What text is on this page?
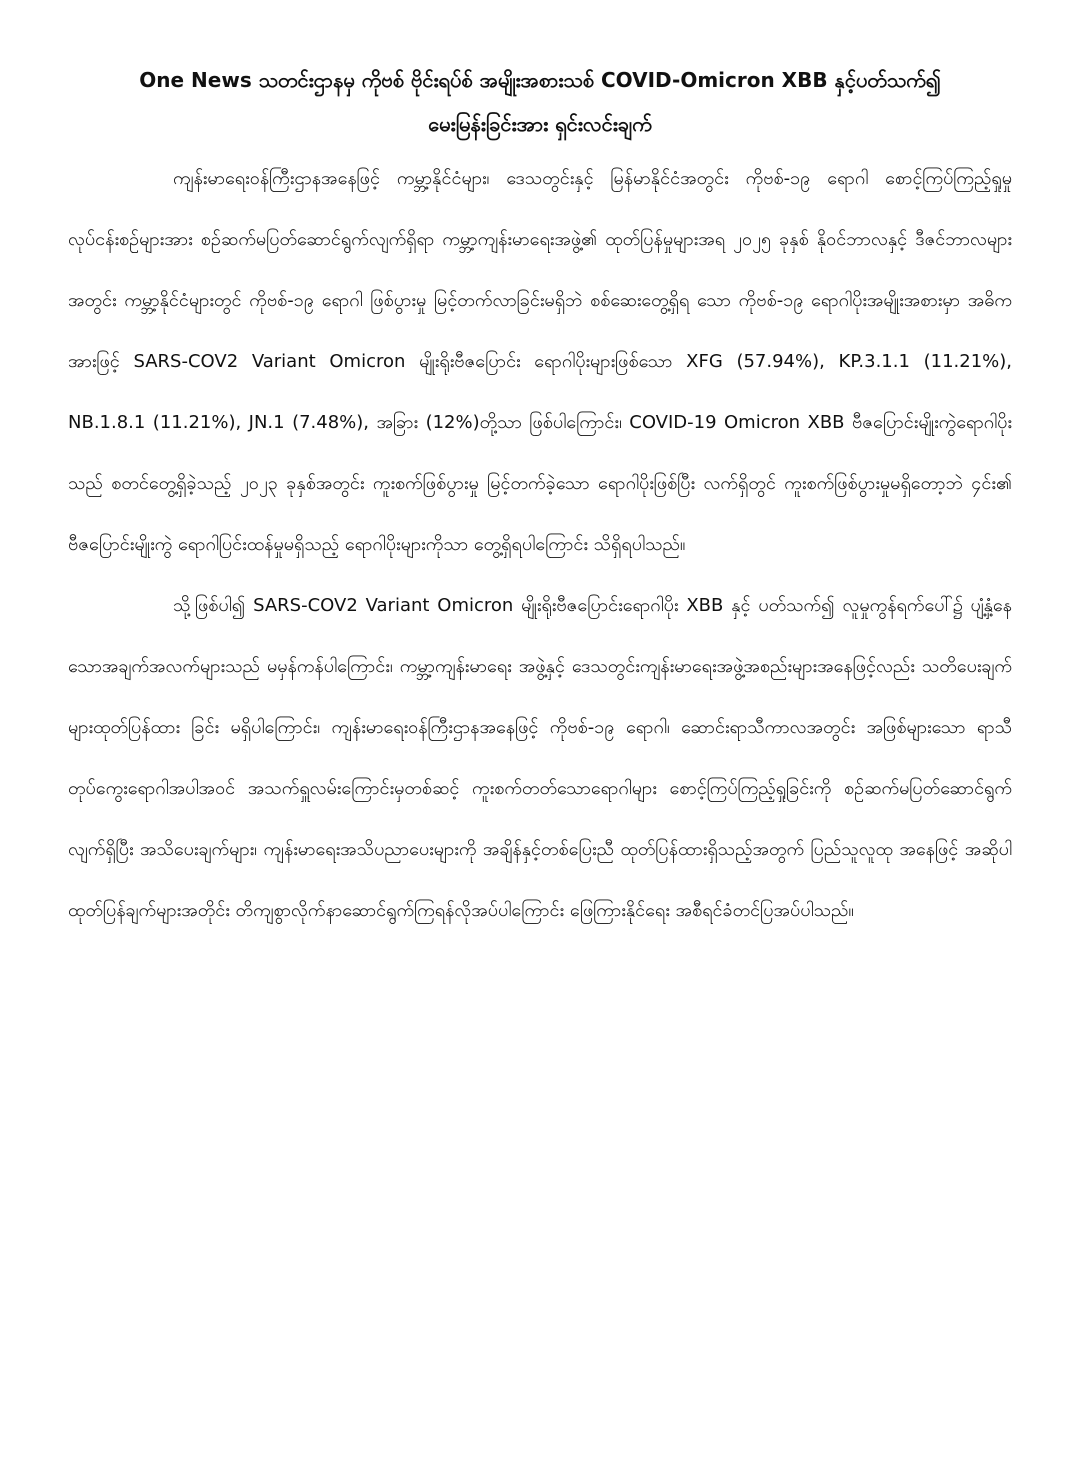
One News သတင်းဌာနမှ ကိုဗစ် ဗိုင်းရပ်စ် အမျိုးအစားသစ် COVID-Omicron XBB နှင့်ပတ်သက်၍
မေးမြန်းခြင်းအား ရှင်းလင်းချက်

ကျန်းမာရေးဝန်ကြီးဌာနအနေဖြင့် ကမ္ဘာ့နိုင်ငံများ၊ ဒေသတွင်းနှင့် မြန်မာနိုင်ငံအတွင်း ကိုဗစ်-၁၉ ရောဂါ စောင့်ကြပ်ကြည့်ရှုမှုလုပ်ငန်းစဉ်များအား စဉ်ဆက်မပြတ်ဆောင်ရွက်လျက်ရှိရာ ကမ္ဘာ့ကျန်းမာရေးအဖွဲ့၏ ထုတ်ပြန်မှုများအရ ၂၀၂၅ ခုနှစ် နိုဝင်ဘာလနှင့် ဒီဇင်ဘာလများအတွင်း ကမ္ဘာ့နိုင်ငံများတွင် ကိုဗစ်-၁၉ ရောဂါ ဖြစ်ပွားမှု မြင့်တက်လာခြင်းမရှိဘဲ စစ်ဆေးတွေ့ရှိရ သော ကိုဗစ်-၁၉ ရောဂါပိုးအမျိုးအစားမှာ အဓိကအားဖြင့် SARS-COV2 Variant Omicron မျိုးရိုးဗီဇပြောင်း ရောဂါပိုးများဖြစ်သော XFG (57.94%), KP.3.1.1 (11.21%), NB.1.8.1 (11.21%), JN.1 (7.48%), အခြား (12%)တို့သာ ဖြစ်ပါကြောင်း၊ COVID-19 Omicron XBB ဗီဇပြောင်းမျိုးကွဲရောဂါပိုးသည် စတင်တွေ့ရှိခဲ့သည့် ၂၀၂၃ ခုနှစ်အတွင်း ကူးစက်ဖြစ်ပွားမှု မြင့်တက်ခဲ့သော ရောဂါပိုးဖြစ်ပြီး လက်ရှိတွင် ကူးစက်ဖြစ်ပွားမှုမရှိတော့ဘဲ ၄င်း၏ ဗီဇပြောင်းမျိုးကွဲ ရောဂါပြင်းထန်မှုမရှိသည့် ရောဂါပိုးများကိုသာ တွေ့ရှိရပါကြောင်း သိရှိရပါသည်။

သို့ဖြစ်ပါ၍ SARS-COV2 Variant Omicron မျိုးရိုးဗီဇပြောင်းရောဂါပိုး XBB နှင့် ပတ်သက်၍ လူမှုကွန်ရက်ပေါ်၌ ပျံ့နှံ့နေသောအချက်အလက်များသည် မမှန်ကန်ပါကြောင်း၊ ကမ္ဘာ့ကျန်းမာရေး အဖွဲ့နှင့် ဒေသတွင်းကျန်းမာရေးအဖွဲ့အစည်းများအနေဖြင့်လည်း သတိပေးချက်များထုတ်ပြန်ထား ခြင်း မရှိပါကြောင်း၊ ကျန်းမာရေးဝန်ကြီးဌာနအနေဖြင့် ကိုဗစ်-၁၉ ရောဂါ၊ ဆောင်းရာသီကာလအတွင်း အဖြစ်များသော ရာသီတုပ်ကွေးရောဂါအပါအဝင် အသက်ရှူလမ်းကြောင်းမှတစ်ဆင့် ကူးစက်တတ်သောရောဂါများ စောင့်ကြပ်ကြည့်ရှုခြင်းကို စဉ်ဆက်မပြတ်ဆောင်ရွက်လျက်ရှိပြီး အသိပေးချက်များ၊ ကျန်းမာရေးအသိပညာပေးများကို အချိန်နှင့်တစ်ပြေးညီ ထုတ်ပြန်ထားရှိသည့်အတွက် ပြည်သူလူထု အနေဖြင့် အဆိုပါထုတ်ပြန်ချက်များအတိုင်း တိကျစွာလိုက်နာဆောင်ရွက်ကြရန်လိုအပ်ပါကြောင်း ဖြေကြားနိုင်ရေး အစီရင်ခံတင်ပြအပ်ပါသည်။
